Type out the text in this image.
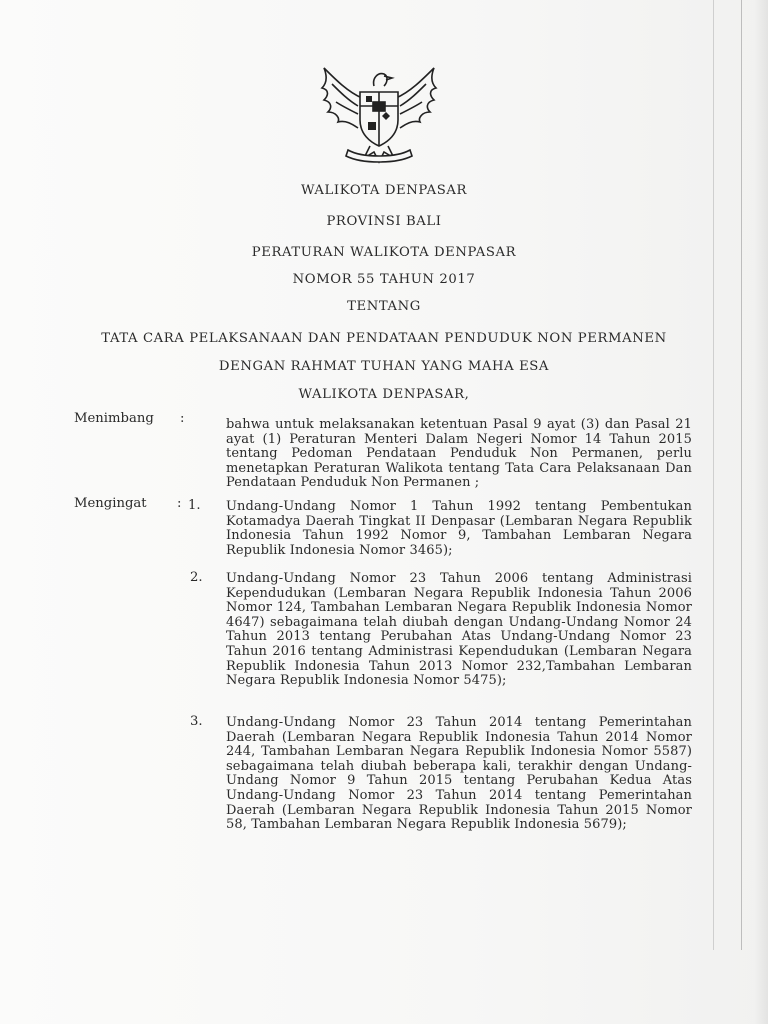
WALIKOTA DENPASAR
PROVINSI BALI
PERATURAN WALIKOTA DENPASAR
NOMOR 55 TAHUN 2017
TENTANG
TATA CARA PELAKSANAAN DAN PENDATAAN PENDUDUK NON PERMANEN
DENGAN RAHMAT TUHAN YANG MAHA ESA
WALIKOTA DENPASAR,
Menimbang :	bahwa untuk melaksanakan ketentuan Pasal 9 ayat (3) dan Pasal 21 ayat (1) Peraturan Menteri Dalam Negeri Nomor 14 Tahun 2015 tentang Pedoman Pendataan Penduduk Non Permanen, perlu menetapkan Peraturan Walikota tentang Tata Cara Pelaksanaan Dan Pendataan Penduduk Non Permanen ;
Mengingat : 1. Undang-Undang Nomor 1 Tahun 1992 tentang Pembentukan Kotamadya Daerah Tingkat II Denpasar (Lembaran Negara Republik Indonesia Tahun 1992 Nomor 9, Tambahan Lembaran Negara Republik Indonesia Nomor 3465);
2. Undang-Undang Nomor 23 Tahun 2006 tentang Administrasi Kependudukan (Lembaran Negara Republik Indonesia Tahun 2006 Nomor 124, Tambahan Lembaran Negara Republik Indonesia Nomor 4647) sebagaimana telah diubah dengan Undang-Undang Nomor 24 Tahun 2013 tentang Perubahan Atas Undang-Undang Nomor 23 Tahun 2016 tentang Administrasi Kependudukan (Lembaran Negara Republik Indonesia Tahun 2013 Nomor 232,Tambahan Lembaran Negara Republik Indonesia Nomor 5475);
3. Undang-Undang Nomor 23 Tahun 2014 tentang Pemerintahan Daerah (Lembaran Negara Republik Indonesia Tahun 2014 Nomor 244, Tambahan Lembaran Negara Republik Indonesia Nomor 5587) sebagaimana telah diubah beberapa kali, terakhir dengan Undang-Undang Nomor 9 Tahun 2015 tentang Perubahan Kedua Atas Undang-Undang Nomor 23 Tahun 2014 tentang Pemerintahan Daerah (Lembaran Negara Republik Indonesia Tahun 2015 Nomor 58, Tambahan Lembaran Negara Republik Indonesia 5679);
